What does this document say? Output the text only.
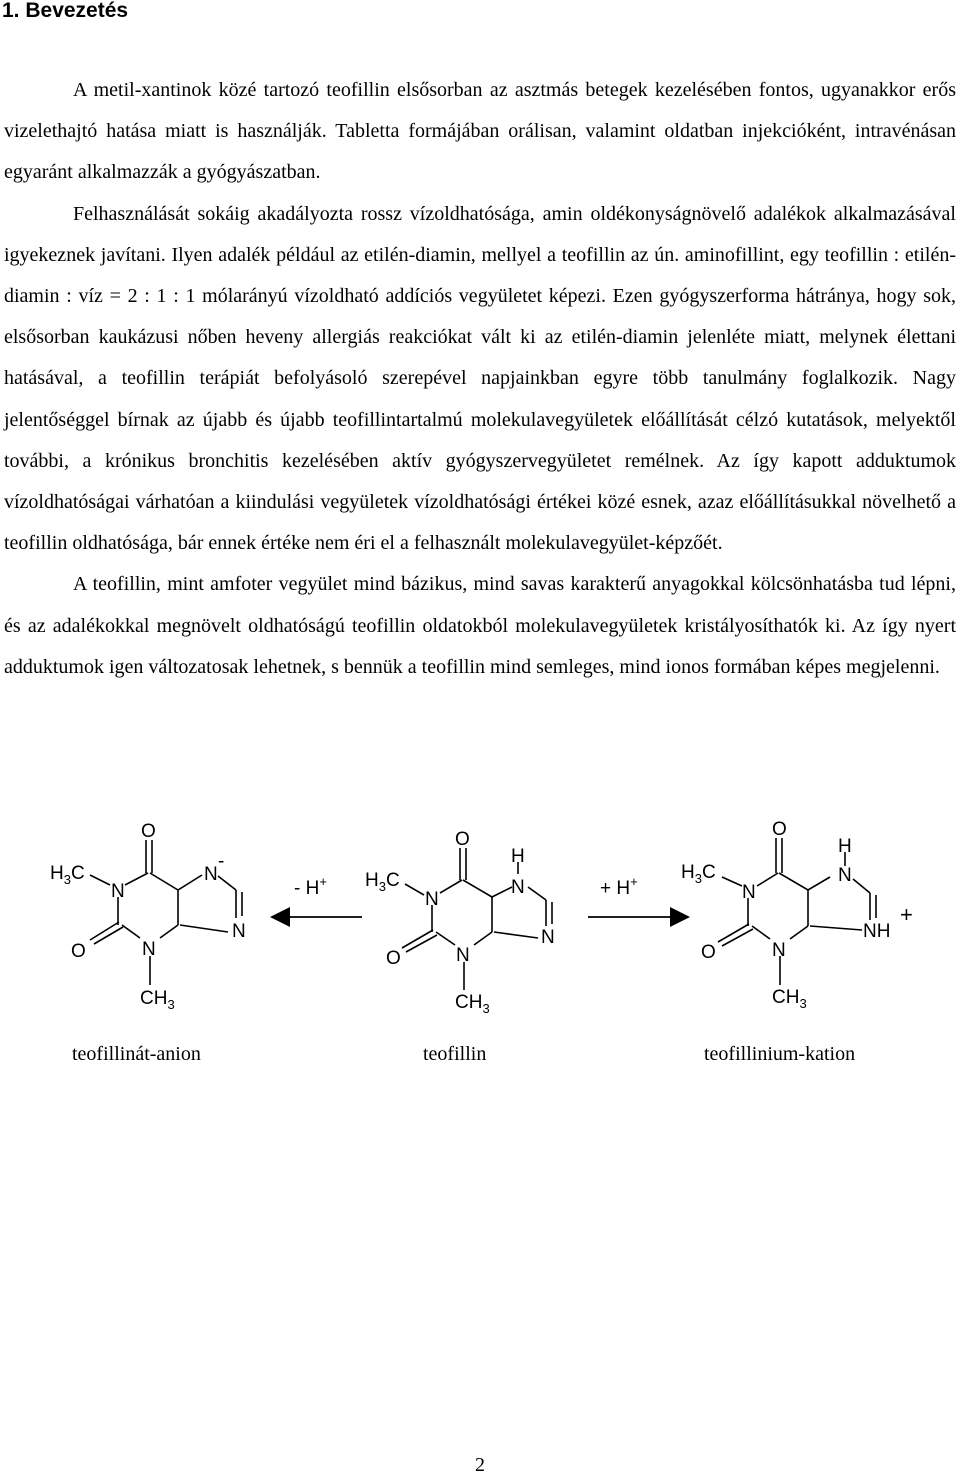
1. Bevezetés

A metil-xantinok közé tartozó teofillin elsősorban az asztmás betegek kezelésében fontos, ugyanakkor erős vizelethajtó hatása miatt is használják. Tabletta formájában orálisan, valamint oldatban injekcióként, intravénásan egyaránt alkalmazzák a gyógyászatban.

Felhasználását sokáig akadályozta rossz vízoldhatósága, amin oldékonyságnövelő adalékok alkalmazásával igyekeznek javítani. Ilyen adalék például az etilén-diamin, mellyel a teofillin az ún. aminofillint, egy teofillin : etilén-diamin : víz = 2 : 1 : 1 mólarányú vízoldható addíciós vegyületet képezi. Ezen gyógyszerforma hátránya, hogy sok, elsősorban kaukázusi nőben heveny allergiás reakciókat vált ki az etilén-diamin jelenléte miatt, melynek élettani hatásával, a teofillin terápiát befolyásoló szerepével napjainkban egyre több tanulmány foglalkozik. Nagy jelentőséggel bírnak az újabb és újabb teofillintartalmú molekulavegyületek előállítását célzó kutatások, melyektől további, a krónikus bronchitis kezelésében aktív gyógyszervegyületet remélnek. Az így kapott adduktumok vízoldhatóságai várhatóan a kiindulási vegyületek vízoldhatósági értékei közé esnek, azaz előállításukkal növelhető a teofillin oldhatósága, bár ennek értéke nem éri el a felhasznált molekulavegyület-képzőét.

A teofillin, mint amfoter vegyület mind bázikus, mind savas karakterű anyagokkal kölcsönhatásba tud lépni, és az adalékokkal megnövelt oldhatóságú teofillin oldatokból molekulavegyületek kristályosíthatók ki. Az így nyert adduktumok igen változatosak lehetnek, s bennük a teofillin mind semleges, mind ionos formában képes megjelenni.

O
$H_3C$
N
N
-
N
O	N
$CH_3$
- H+
O
$H_3C$
N
H
N
N
O	N
$CH_3$
+ H+
O
$H_3C$
N
H
N
NH
+
O	N
$CH_3$
teofillinát-anion	teofillin	teofillinium-kation
2
